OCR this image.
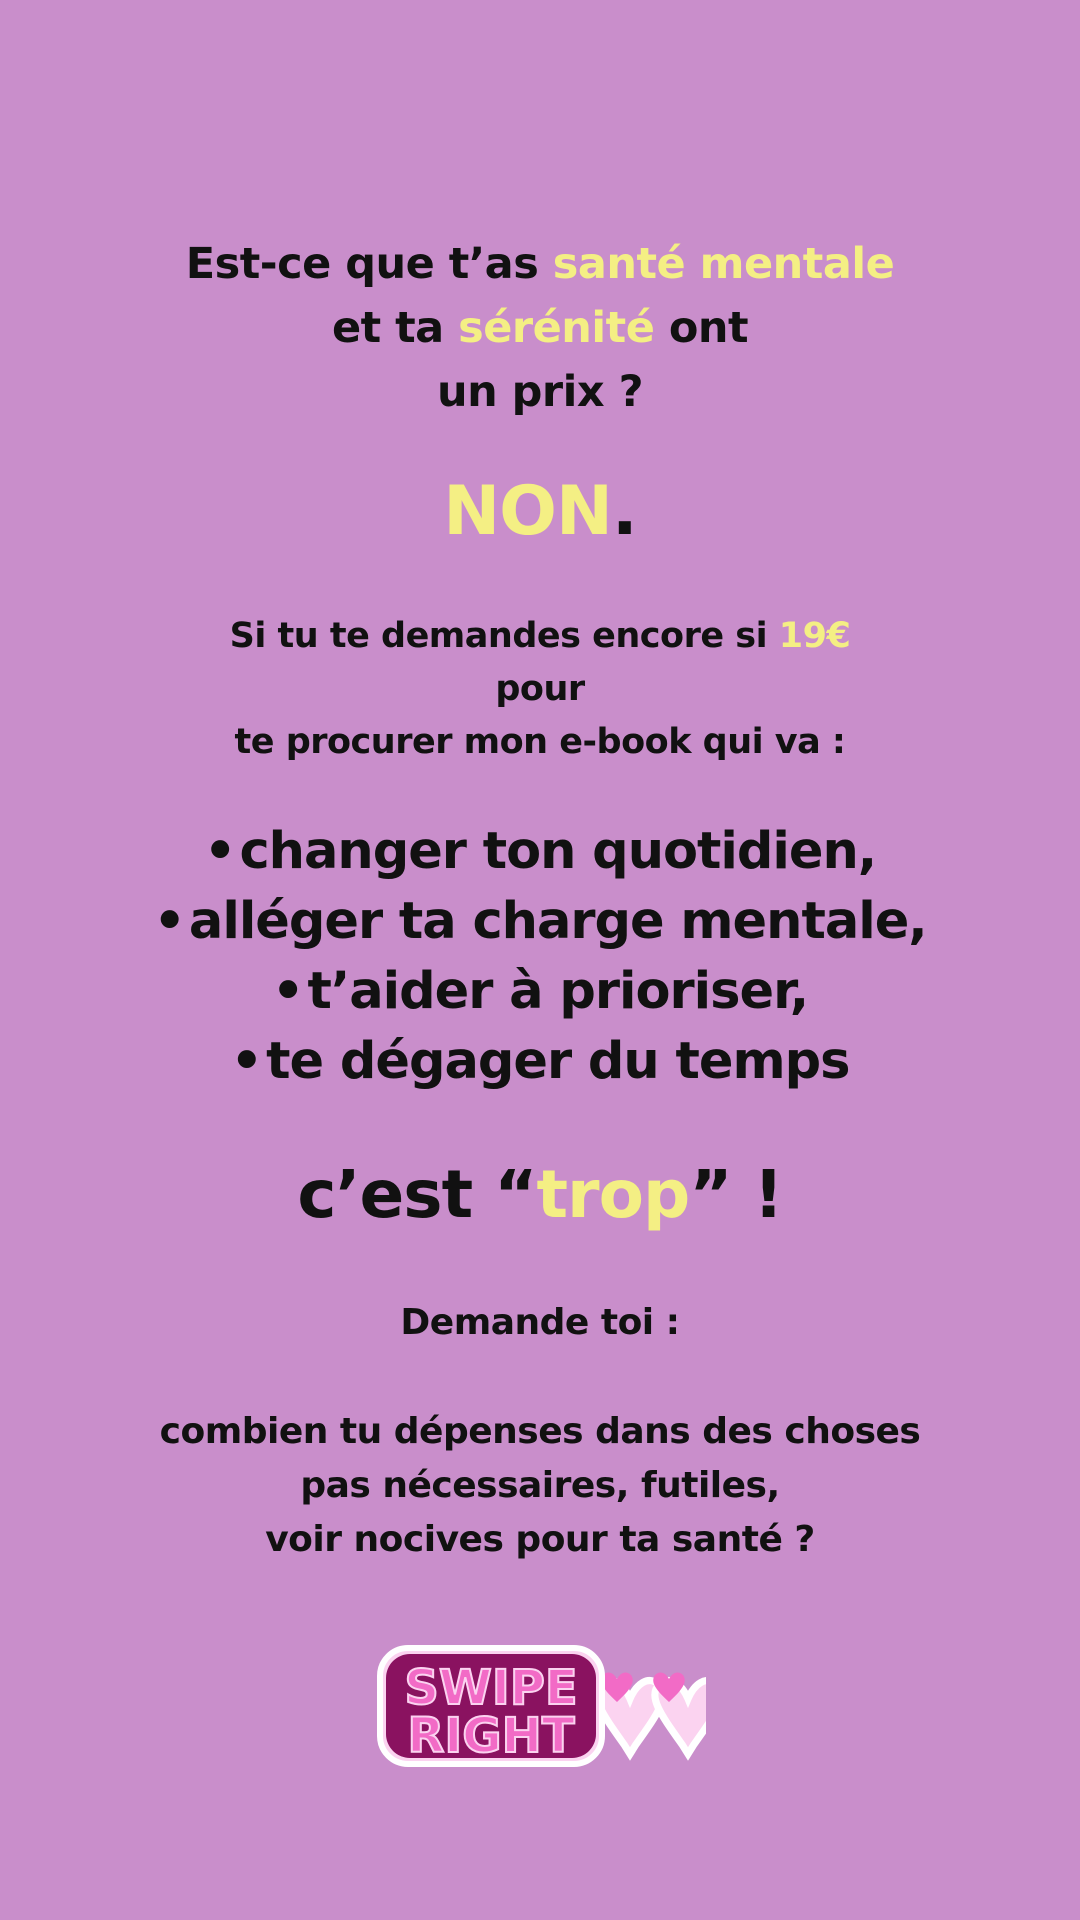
Est-ce que t’as santé mentale
et ta sérénité ont
un prix ?
NON.
Si tu te demandes encore si 19€
pour
te procurer mon e-book qui va :
•changer ton quotidien,
•alléger ta charge mentale,
•t’aider à prioriser,
•te dégager du temps
c’est “trop” !
Demande toi :
combien tu dépenses dans des choses
pas nécessaires, futiles,
voir nocives pour ta santé ?
SWIPE
RIGHT
